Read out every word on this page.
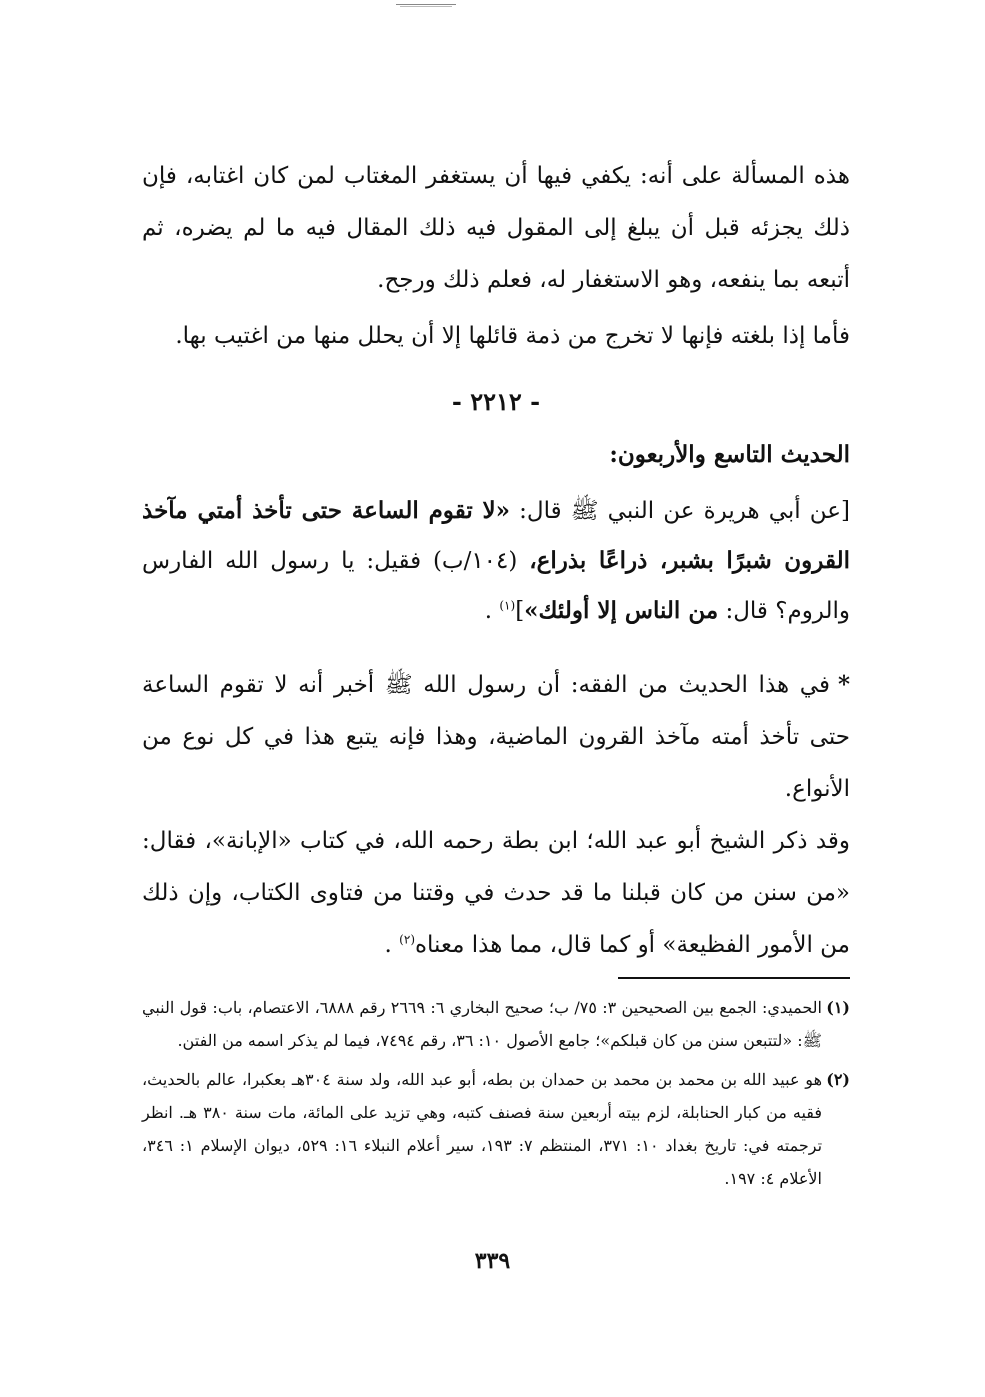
هذه المسألة على أنه: يكفي فيها أن يستغفر المغتاب لمن كان اغتابه، فإن ذلك يجزئه قبل أن يبلغ إلى المقول فيه ذلك المقال فيه ما لم يضره، ثم أتبعه بما ينفعه، وهو الاستغفار له، فعلم ذلك ورجح.

فأما إذا بلغته فإنها لا تخرج من ذمة قائلها إلا أن يحلل منها من اغتيب بها.

- ٢٢١٢ -
الحديث التاسع والأربعون:

[عن أبي هريرة عن النبي ﷺ قال: «لا تقوم الساعة حتى تأخذ أمتي مآخذ القرون شبرًا بشبر، ذراعًا بذراع، (١٠٤/ب) فقيل: يا رسول الله الفارس والروم؟ قال: من الناس إلا أولئك»]$^{(١)}$ .

*في هذا الحديث من الفقه: أن رسول الله ﷺ أخبر أنه لا تقوم الساعة حتى تأخذ أمته مآخذ القرون الماضية، وهذا فإنه يتبع هذا في كل نوع من الأنواع.

وقد ذكر الشيخ أبو عبد الله؛ ابن بطة رحمه الله، في كتاب «الإبانة»، فقال: «من سنن من كان قبلنا ما قد حدث في وقتنا من فتاوى الكتاب، وإن ذلك من الأمور الفظيعة» أو كما قال، مما هذا معناه$^{(٢)}$ .

(١)
الحميدي: الجمع بين الصحيحين ٣: ٧٥/ ب؛ صحيح البخاري ٦: ٢٦٦٩ رقم ٦٨٨٨، الاعتصام، باب: قول النبي ﷺ: «لتتبعن سنن من كان قبلكم»؛ جامع الأصول ١٠: ٣٦، رقم ٧٤٩٤، فيما لم يذكر اسمه من الفتن.

(٢)
هو عبيد الله بن محمد بن محمد بن حمدان بن بطه، أبو عبد الله، ولد سنة ٣٠٤هـ بعكبرا، عالم بالحديث، فقيه من كبار الحنابلة، لزم بيته أربعين سنة فصنف كتبه، وهي تزيد على المائة، مات سنة ٣٨٠ هـ. انظر ترجمته في: تاريخ بغداد ١٠: ٣٧١، المنتظم ٧: ١٩٣، سير أعلام النبلاء ١٦: ٥٢٩، ديوان الإسلام ١: ٣٤٦، الأعلام ٤: ١٩٧.

٣٣٩
